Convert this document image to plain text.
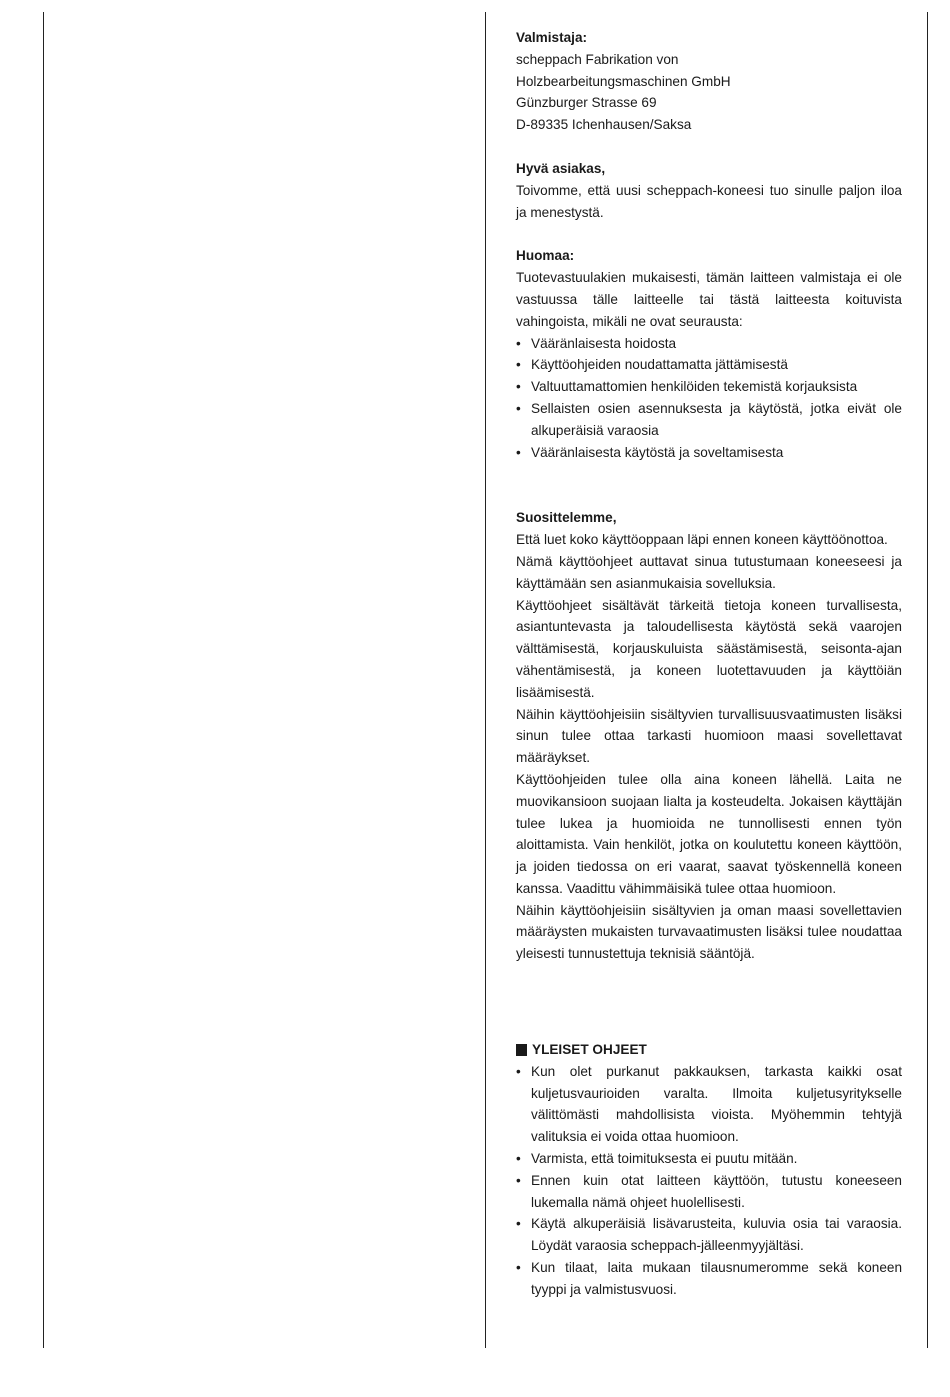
Valmistaja:

scheppach Fabrikation von

Holzbearbeitungsmaschinen GmbH

Günzburger Strasse 69

D-89335 Ichenhausen/Saksa

Hyvä asiakas,

Toivomme, että uusi scheppach-koneesi tuo sinulle paljon iloa ja menestystä.

Huomaa:

Tuotevastuulakien mukaisesti, tämän laitteen valmistaja ei ole vastuussa tälle laitteelle tai tästä laitteesta koituvista vahingoista, mikäli ne ovat seurausta:

• Vääränlaisesta hoidosta
• Käyttöohjeiden noudattamatta jättämisestä
• Valtuuttamattomien henkilöiden tekemistä korjauksista
• Sellaisten osien asennuksesta ja käytöstä, jotka eivät ole alkuperäisiä varaosia
• Vääränlaisesta käytöstä ja soveltamisesta

Suosittelemme,

Että luet koko käyttöoppaan läpi ennen koneen käyttöönottoa.

Nämä käyttöohjeet auttavat sinua tutustumaan koneeseesi ja käyttämään sen asianmukaisia sovelluksia.

Käyttöohjeet sisältävät tärkeitä tietoja koneen turvallisesta, asiantuntevasta ja taloudellisesta käytöstä sekä vaarojen välttämisestä, korjauskuluista säästämisestä, seisonta-ajan vähentämisestä, ja koneen luotettavuuden ja käyttöiän lisäämisestä.

Näihin käyttöohjeisiin sisältyvien turvallisuusvaatimusten lisäksi sinun tulee ottaa tarkasti huomioon maasi sovellettavat määräykset.

Käyttöohjeiden tulee olla aina koneen lähellä. Laita ne muovikansioon suojaan lialta ja kosteudelta. Jokaisen käyttäjän tulee lukea ja huomioida ne tunnollisesti ennen työn aloittamista. Vain henkilöt, jotka on koulutettu koneen käyttöön, ja joiden tiedossa on eri vaarat, saavat työskennellä koneen kanssa. Vaadittu vähimmäisikä tulee ottaa huomioon.

Näihin käyttöohjeisiin sisältyvien ja oman maasi sovellettavien määräysten mukaisten turvavaatimusten lisäksi tulee noudattaa yleisesti tunnustettuja teknisiä sääntöjä.

YLEISET OHJEET

• Kun olet purkanut pakkauksen, tarkasta kaikki osat kuljetusvaurioiden varalta. Ilmoita kuljetusyritykselle välittömästi mahdollisista vioista. Myöhemmin tehtyjä valituksia ei voida ottaa huomioon.
• Varmista, että toimituksesta ei puutu mitään.
• Ennen kuin otat laitteen käyttöön, tutustu koneeseen lukemalla nämä ohjeet huolellisesti.
• Käytä alkuperäisiä lisävarusteita, kuluvia osia tai varaosia. Löydät varaosia scheppach-jälleenmyyjältäsi.
• Kun tilaat, laita mukaan tilausnumeromme sekä koneen tyyppi ja valmistusvuosi.
